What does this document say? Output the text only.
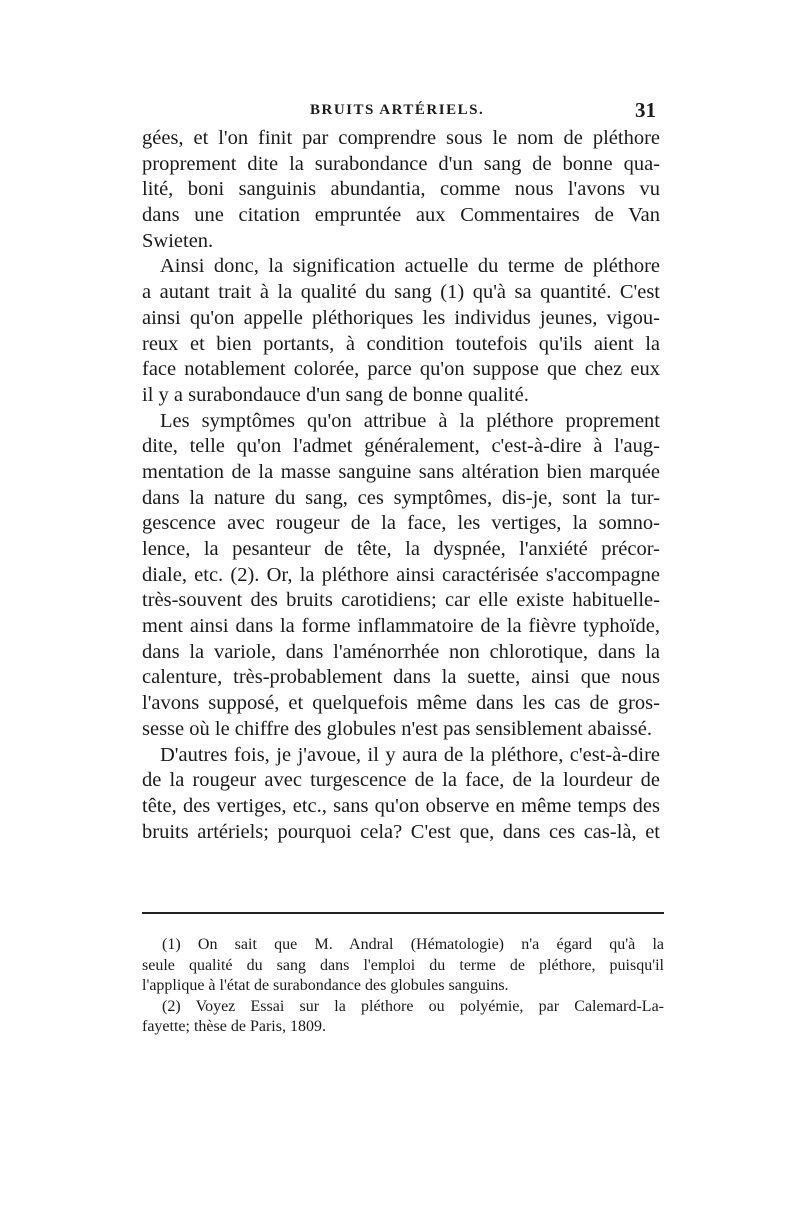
BRUITS ARTÉRIELS.	31
gées, et l'on finit par comprendre sous le nom de pléthore
proprement dite la surabondance d'un sang de bonne qua-
lité, boni sanguinis abundantia, comme nous l'avons vu
dans une citation empruntée aux Commentaires de Van
Swieten.
Ainsi donc, la signification actuelle du terme de pléthore
a autant trait à la qualité du sang (1) qu'à sa quantité. C'est
ainsi qu'on appelle pléthoriques les individus jeunes, vigou-
reux et bien portants, à condition toutefois qu'ils aient la
face notablement colorée, parce qu'on suppose que chez eux
il y a surabondauce d'un sang de bonne qualité.
Les symptômes qu'on attribue à la pléthore proprement
dite, telle qu'on l'admet généralement, c'est-à-dire à l'aug-
mentation de la masse sanguine sans altération bien marquée
dans la nature du sang, ces symptômes, dis-je, sont la tur-
gescence avec rougeur de la face, les vertiges, la somno-
lence, la pesanteur de tête, la dyspnée, l'anxiété précor-
diale, etc. (2). Or, la pléthore ainsi caractérisée s'accompagne
très-souvent des bruits carotidiens; car elle existe habituelle-
ment ainsi dans la forme inflammatoire de la fièvre typhoïde,
dans la variole, dans l'aménorrhée non chlorotique, dans la
calenture, très-probablement dans la suette, ainsi que nous
l'avons supposé, et quelquefois même dans les cas de gros-
sesse où le chiffre des globules n'est pas sensiblement abaissé.
D'autres fois, je j'avoue, il y aura de la pléthore, c'est-à-dire
de la rougeur avec turgescence de la face, de la lourdeur de
tête, des vertiges, etc., sans qu'on observe en même temps des
bruits artériels; pourquoi cela? C'est que, dans ces cas-là, et
(1) On sait que M. Andral (Hématologie) n'a égard qu'à la
seule qualité du sang dans l'emploi du terme de pléthore, puisqu'il
l'applique à l'état de surabondance des globules sanguins.
(2) Voyez Essai sur la pléthore ou polyémie, par Calemard-La-
fayette; thèse de Paris, 1809.
